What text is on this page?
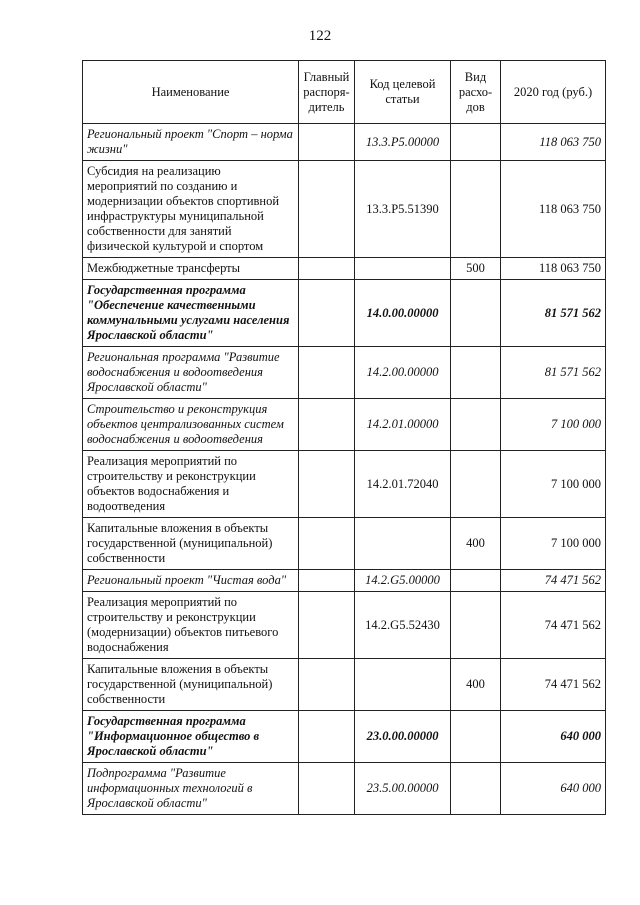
122
Наименование	Главный распоря-дитель	Код целевой статьи	Вид расхо-дов	2020 год (руб.)
Региональный проект "Спорт – норма жизни"		13.3.P5.00000		118 063 750
Субсидия на реализацию мероприятий по созданию и модернизации объектов спортивной инфраструктуры муниципальной собственности для занятий физической культурой и спортом		13.3.P5.51390		118 063 750
Межбюджетные трансферты			500	118 063 750
Государственная программа "Обеспечение качественными коммунальными услугами населения Ярославской области"		14.0.00.00000		81 571 562
Региональная программа "Развитие водоснабжения и водоотведения Ярославской области"		14.2.00.00000		81 571 562
Строительство и реконструкция объектов централизованных систем водоснабжения и водоотведения		14.2.01.00000		7 100 000
Реализация мероприятий по строительству и реконструкции объектов водоснабжения и водоотведения		14.2.01.72040		7 100 000
Капитальные вложения в объекты государственной (муниципальной) собственности			400	7 100 000
Региональный проект "Чистая вода"		14.2.G5.00000		74 471 562
Реализация мероприятий по строительству и реконструкции (модернизации) объектов питьевого водоснабжения		14.2.G5.52430		74 471 562
Капитальные вложения в объекты государственной (муниципальной) собственности			400	74 471 562
Государственная программа "Информационное общество в Ярославской области"		23.0.00.00000		640 000
Подпрограмма "Развитие информационных технологий в Ярославской области"		23.5.00.00000		640 000
